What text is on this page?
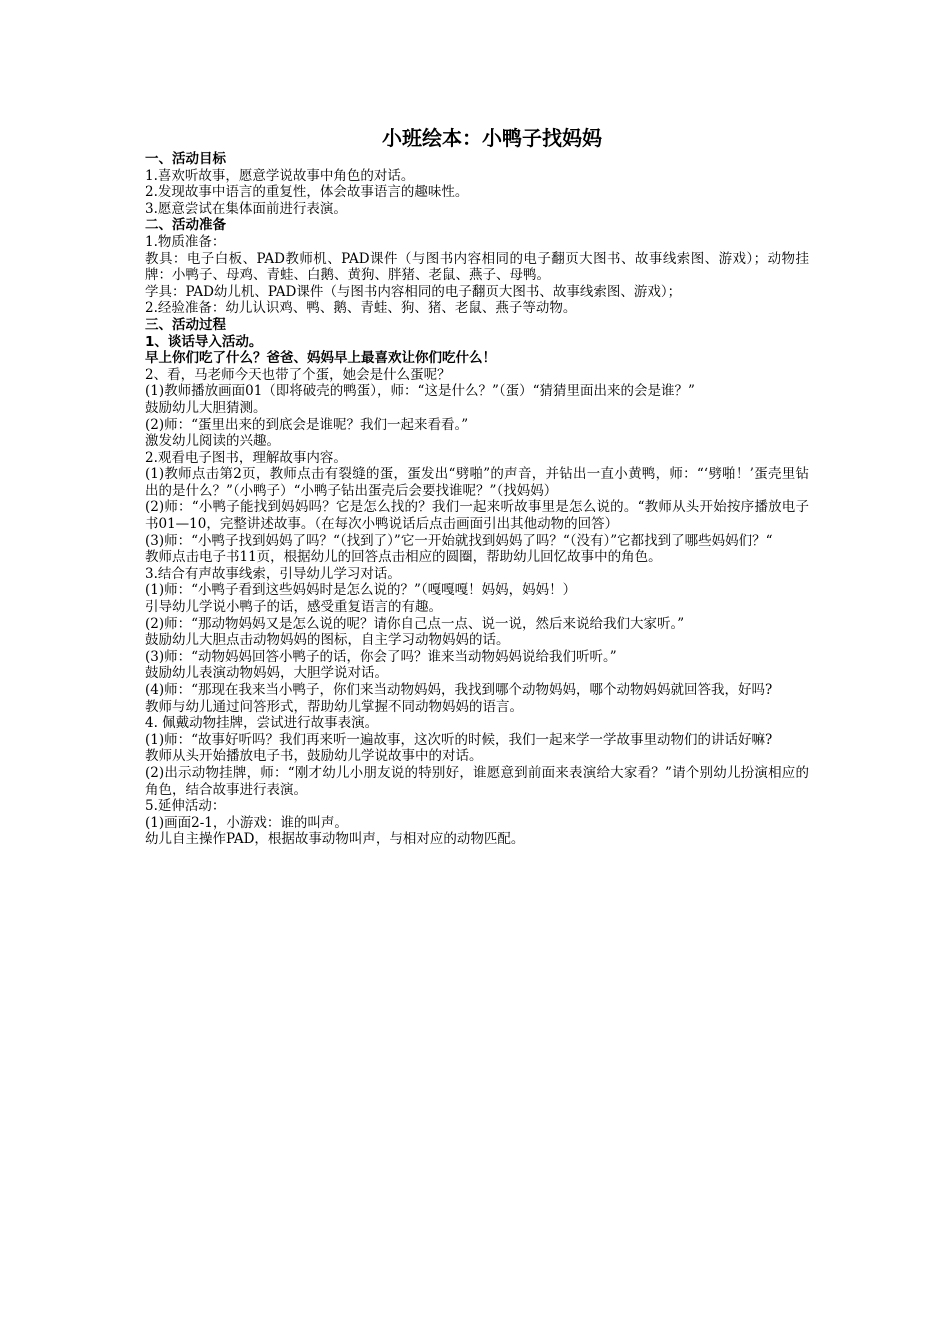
小班绘本：小鸭子找妈妈

一、活动目标

1.喜欢听故事，愿意学说故事中角色的对话。

2.发现故事中语言的重复性，体会故事语言的趣味性。

3.愿意尝试在集体面前进行表演。

二、活动准备

1.物质准备：

教具：电子白板、PAD教师机、PAD课件（与图书内容相同的电子翻页大图书、故事线索图、游戏）；动物挂牌：小鸭子、母鸡、青蛙、白鹅、黄狗、胖猪、老鼠、燕子、母鸭。

学具：PAD幼儿机、PAD课件（与图书内容相同的电子翻页大图书、故事线索图、游戏）；

2.经验准备：幼儿认识鸡、鸭、鹅、青蛙、狗、猪、老鼠、燕子等动物。

三、活动过程

1、谈话导入活动。

早上你们吃了什么？爸爸、妈妈早上最喜欢让你们吃什么！

2、看，马老师今天也带了个蛋，她会是什么蛋呢？

(1)教师播放画面01（即将破壳的鸭蛋），师：“这是什么？”（蛋）“猜猜里面出来的会是谁？”

鼓励幼儿大胆猜测。

(2)师：“蛋里出来的到底会是谁呢？我们一起来看看。”

激发幼儿阅读的兴趣。

2.观看电子图书，理解故事内容。

(1)教师点击第2页，教师点击有裂缝的蛋，蛋发出“劈啪”的声音，并钻出一直小黄鸭，师：“‘劈啪！’蛋壳里钻出的是什么？”（小鸭子）“小鸭子钻出蛋壳后会要找谁呢？”（找妈妈）

(2)师：“小鸭子能找到妈妈吗？它是怎么找的？我们一起来听故事里是怎么说的。“教师从头开始按序播放电子书01—10，完整讲述故事。（在每次小鸭说话后点击画面引出其他动物的回答）

(3)师：“小鸭子找到妈妈了吗？“（找到了）”它一开始就找到妈妈了吗？“（没有）”它都找到了哪些妈妈们？“

教师点击电子书11页，根据幼儿的回答点击相应的圆圈，帮助幼儿回忆故事中的角色。

3.结合有声故事线索，引导幼儿学习对话。

(1)师：“小鸭子看到这些妈妈时是怎么说的？”（嘎嘎嘎！妈妈，妈妈！）

引导幼儿学说小鸭子的话，感受重复语言的有趣。

(2)师：“那动物妈妈又是怎么说的呢？请你自己点一点、说一说，然后来说给我们大家听。”

鼓励幼儿大胆点击动物妈妈的图标，自主学习动物妈妈的话。

(3)师：“动物妈妈回答小鸭子的话，你会了吗？谁来当动物妈妈说给我们听听。”

鼓励幼儿表演动物妈妈，大胆学说对话。

(4)师：“那现在我来当小鸭子，你们来当动物妈妈，我找到哪个动物妈妈，哪个动物妈妈就回答我，好吗?

教师与幼儿通过问答形式，帮助幼儿掌握不同动物妈妈的语言。

4. 佩戴动物挂牌，尝试进行故事表演。

(1)师：“故事好听吗？我们再来听一遍故事，这次听的时候，我们一起来学一学故事里动物们的讲话好嘛?

教师从头开始播放电子书，鼓励幼儿学说故事中的对话。

(2)出示动物挂牌，师：“刚才幼儿小朋友说的特别好，谁愿意到前面来表演给大家看？”请个别幼儿扮演相应的角色，结合故事进行表演。

5.延伸活动：

(1)画面2-1，小游戏：谁的叫声。

幼儿自主操作PAD，根据故事动物叫声，与相对应的动物匹配。
